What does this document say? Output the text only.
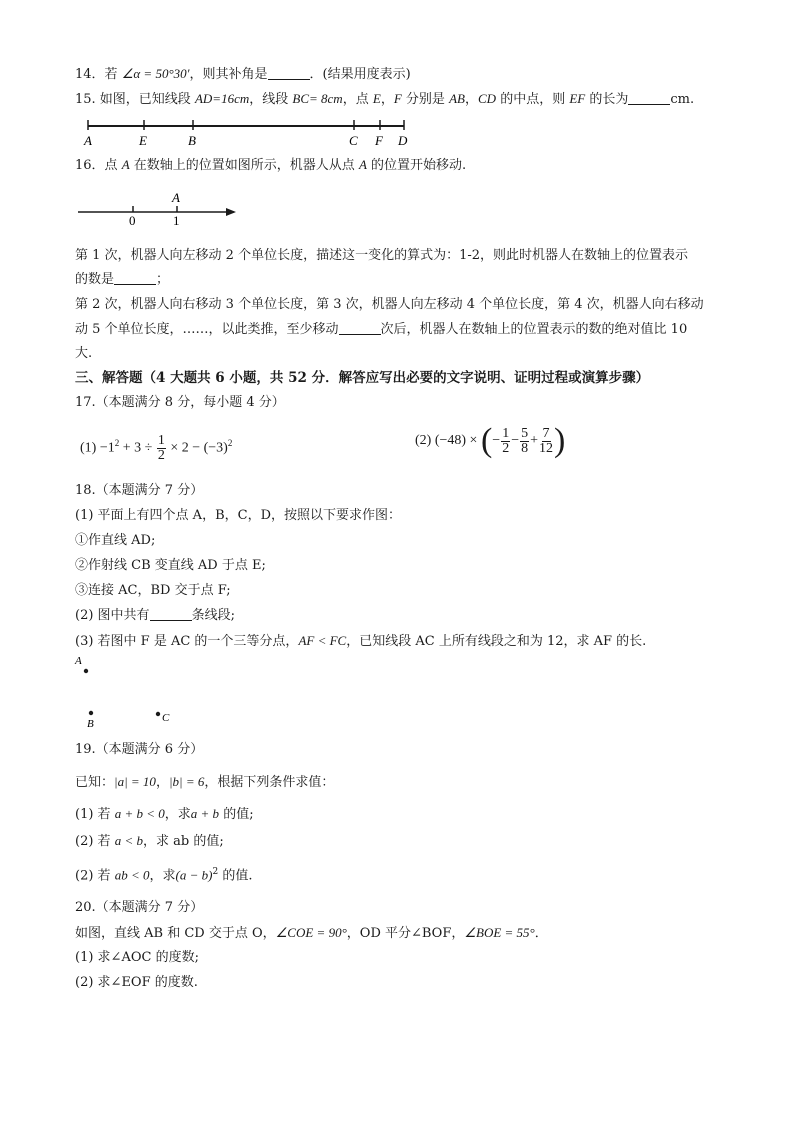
14．若 ∠α = 50°30′，则其补角是	．(结果用度表示)
15. 如图，已知线段 AD=16cm，线段 BC= 8cm，点 E，F 分别是 AB，CD 的中点，则 EF 的长为	cm.
A	E	B	C F D
16．点 A 在数轴上的位置如图所示，机器人从点 A 的位置开始移动.
A
0	1
第 1 次，机器人向左移动 2 个单位长度，描述这一变化的算式为：1-2，则此时机器人在数轴上的位置表示
的数是	；
第 2 次，机器人向右移动 3 个单位长度，第 3 次，机器人向左移动 4 个单位长度，第 4 次，机器人向右移动
动 5 个单位长度，……，以此类推，至少移动	次后，机器人在数轴上的位置表示的数的绝对值比 10
大.
三、解答题（4 大题共 6 小题，共 52 分．解答应写出必要的文字说明、证明过程或演算步骤）
17.（本题满分 8 分，每小题 4 分）
$(1) -1^2 + 3 \div \frac{1}{2} \times 2 - (-3)^2$	(2) (−48) × (− $\frac{1}{2} - \frac{5}{8} + \frac{7}{12}$ )
18.（本题满分 7 分）
(1) 平面上有四个点 A，B，C，D，按照以下要求作图：
①作直线 AD;
②作射线 CB 变直线 AD 于点 E;
③连接 AC，BD 交于点 F;
(2) 图中共有	条线段;
(3) 若图中 F 是 AC 的一个三等分点，AF < FC，已知线段 AC 上所有线段之和为 12，求 AF 的长.
A
B	C
19.（本题满分 6 分）
已知：|a| = 10，|b| = 6，根据下列条件求值：
(1) 若 a + b < 0，求a + b 的值;
(2) 若 a < b，求 ab 的值;
(2) 若 ab < 0，求$(a - b)^2$ 的值.
20.（本题满分 7 分）
如图，直线 AB 和 CD 交于点 O，∠COE = 90°，OD 平分∠BOF，∠BOE = 55°．
(1) 求∠AOC 的度数;
(2) 求∠EOF 的度数.
